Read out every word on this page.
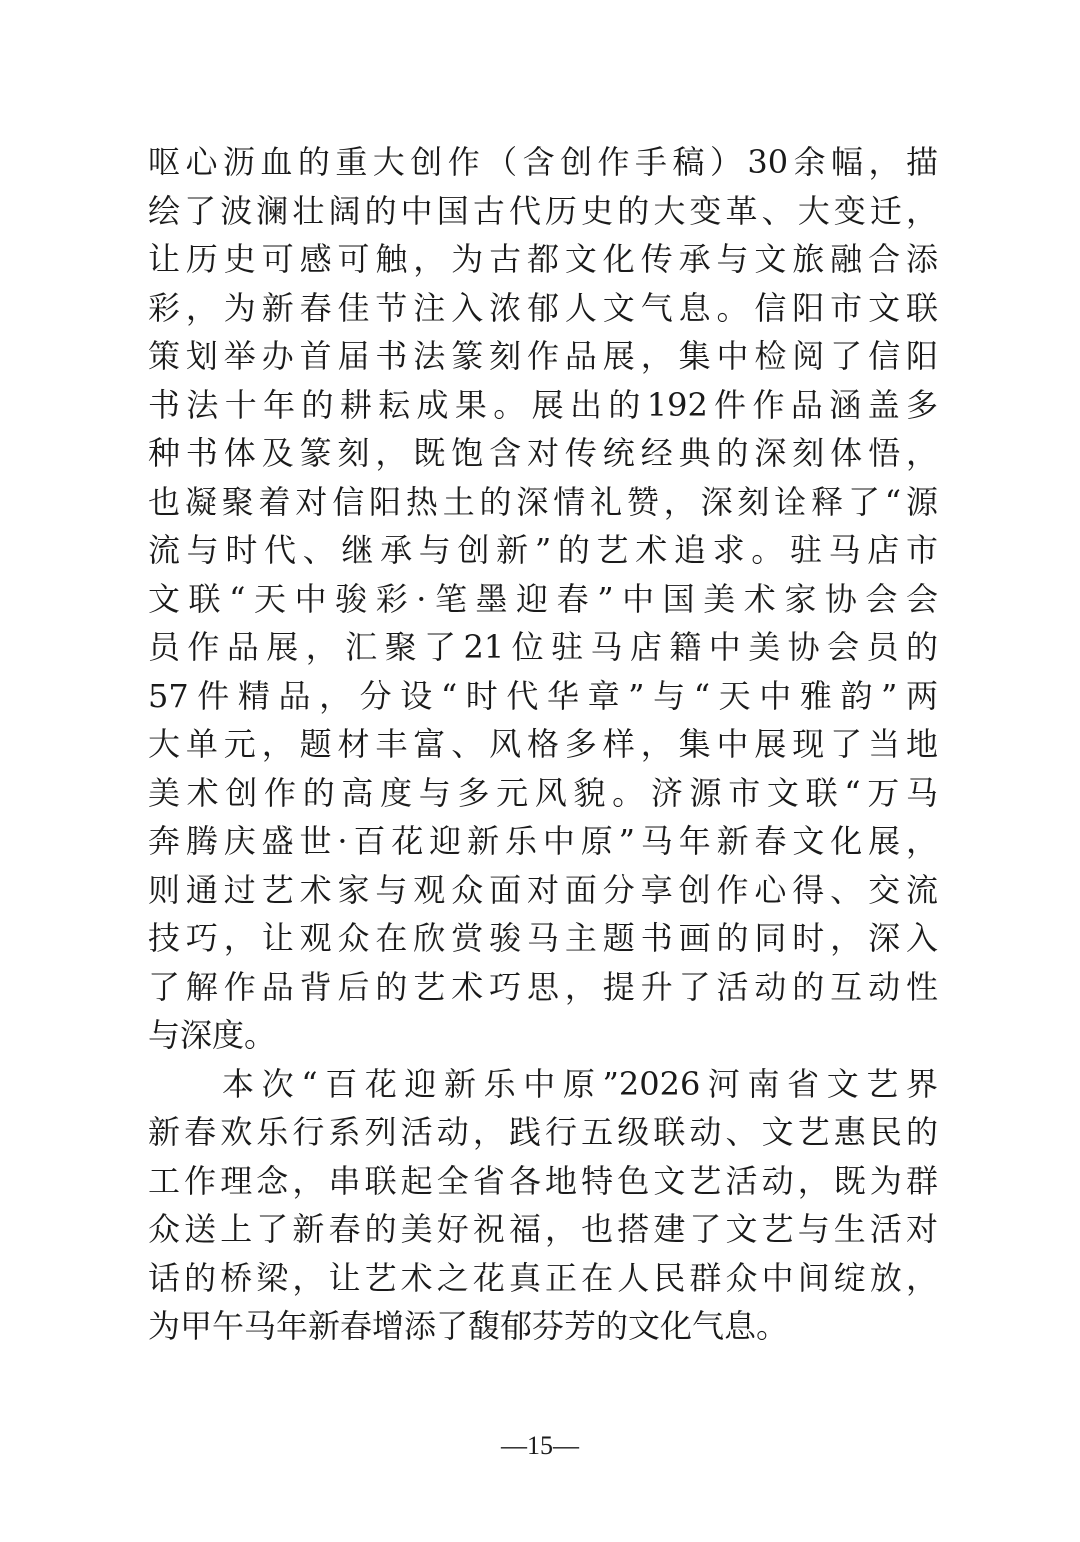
呕心沥血的重大创作（含创作手稿）30余幅，描
绘了波澜壮阔的中国古代历史的大变革、大变迁，
让历史可感可触，为古都文化传承与文旅融合添
彩，为新春佳节注入浓郁人文气息。信阳市文联
策划举办首届书法篆刻作品展，集中检阅了信阳
书法十年的耕耘成果。展出的192件作品涵盖多
种书体及篆刻，既饱含对传统经典的深刻体悟，
也凝聚着对信阳热土的深情礼赞，深刻诠释了“源
流与时代、继承与创新”的艺术追求。驻马店市
文联“天中骏彩·笔墨迎春”中国美术家协会会
员作品展，汇聚了21位驻马店籍中美协会员的
57件精品，分设“时代华章”与“天中雅韵”两
大单元，题材丰富、风格多样，集中展现了当地
美术创作的高度与多元风貌。济源市文联“万马
奔腾庆盛世·百花迎新乐中原”马年新春文化展，
则通过艺术家与观众面对面分享创作心得、交流
技巧，让观众在欣赏骏马主题书画的同时，深入
了解作品背后的艺术巧思，提升了活动的互动性
与深度。
本次“百花迎新乐中原”2026河南省文艺界
新春欢乐行系列活动，践行五级联动、文艺惠民的
工作理念，串联起全省各地特色文艺活动，既为群
众送上了新春的美好祝福，也搭建了文艺与生活对
话的桥梁，让艺术之花真正在人民群众中间绽放，
为甲午马年新春增添了馥郁芬芳的文化气息。
—15—
